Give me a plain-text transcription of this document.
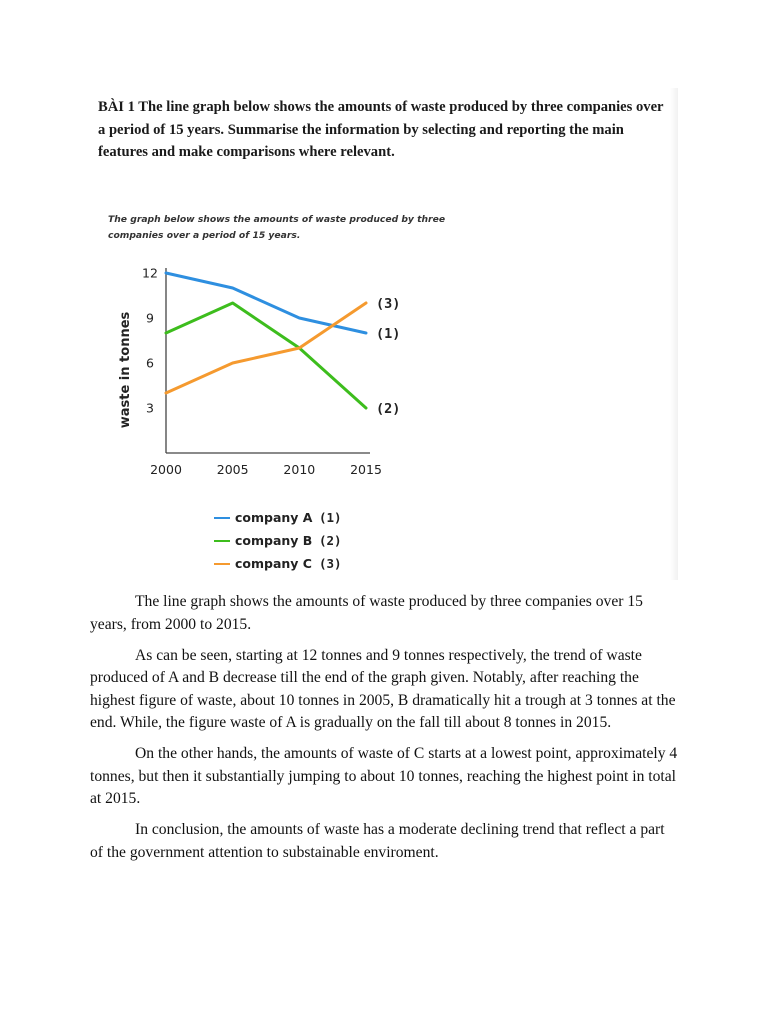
BÀI 1 The line graph below shows the amounts of waste produced by three companies over a period of 15 years. Summarise the information by selecting and reporting the main features and make comparisons where relevant.

The graph below shows the amounts of waste produced by three companies over a period of 15 years.

3
6
9
12
2000	2005	2010	2015
waste in tonnes	(1)
(2)
(3)
company A (1)
company B (2)
company C (3)

The line graph shows the amounts of waste produced by three companies over 15 years, from 2000 to 2015.

As can be seen, starting at 12 tonnes and 9 tonnes respectively, the trend of waste produced of A and B decrease till the end of the graph given. Notably, after reaching the highest figure of waste, about 10 tonnes in 2005, B dramatically hit a trough at 3 tonnes at the end. While, the figure waste of A is gradually on the fall till about 8 tonnes in 2015.

On the other hands, the amounts of waste of C starts at a lowest point, approximately 4 tonnes, but then it substantially jumping to about 10 tonnes, reaching the highest point in total at 2015.

In conclusion, the amounts of waste has a moderate declining trend that reflect a part of the government attention to substainable enviroment.
